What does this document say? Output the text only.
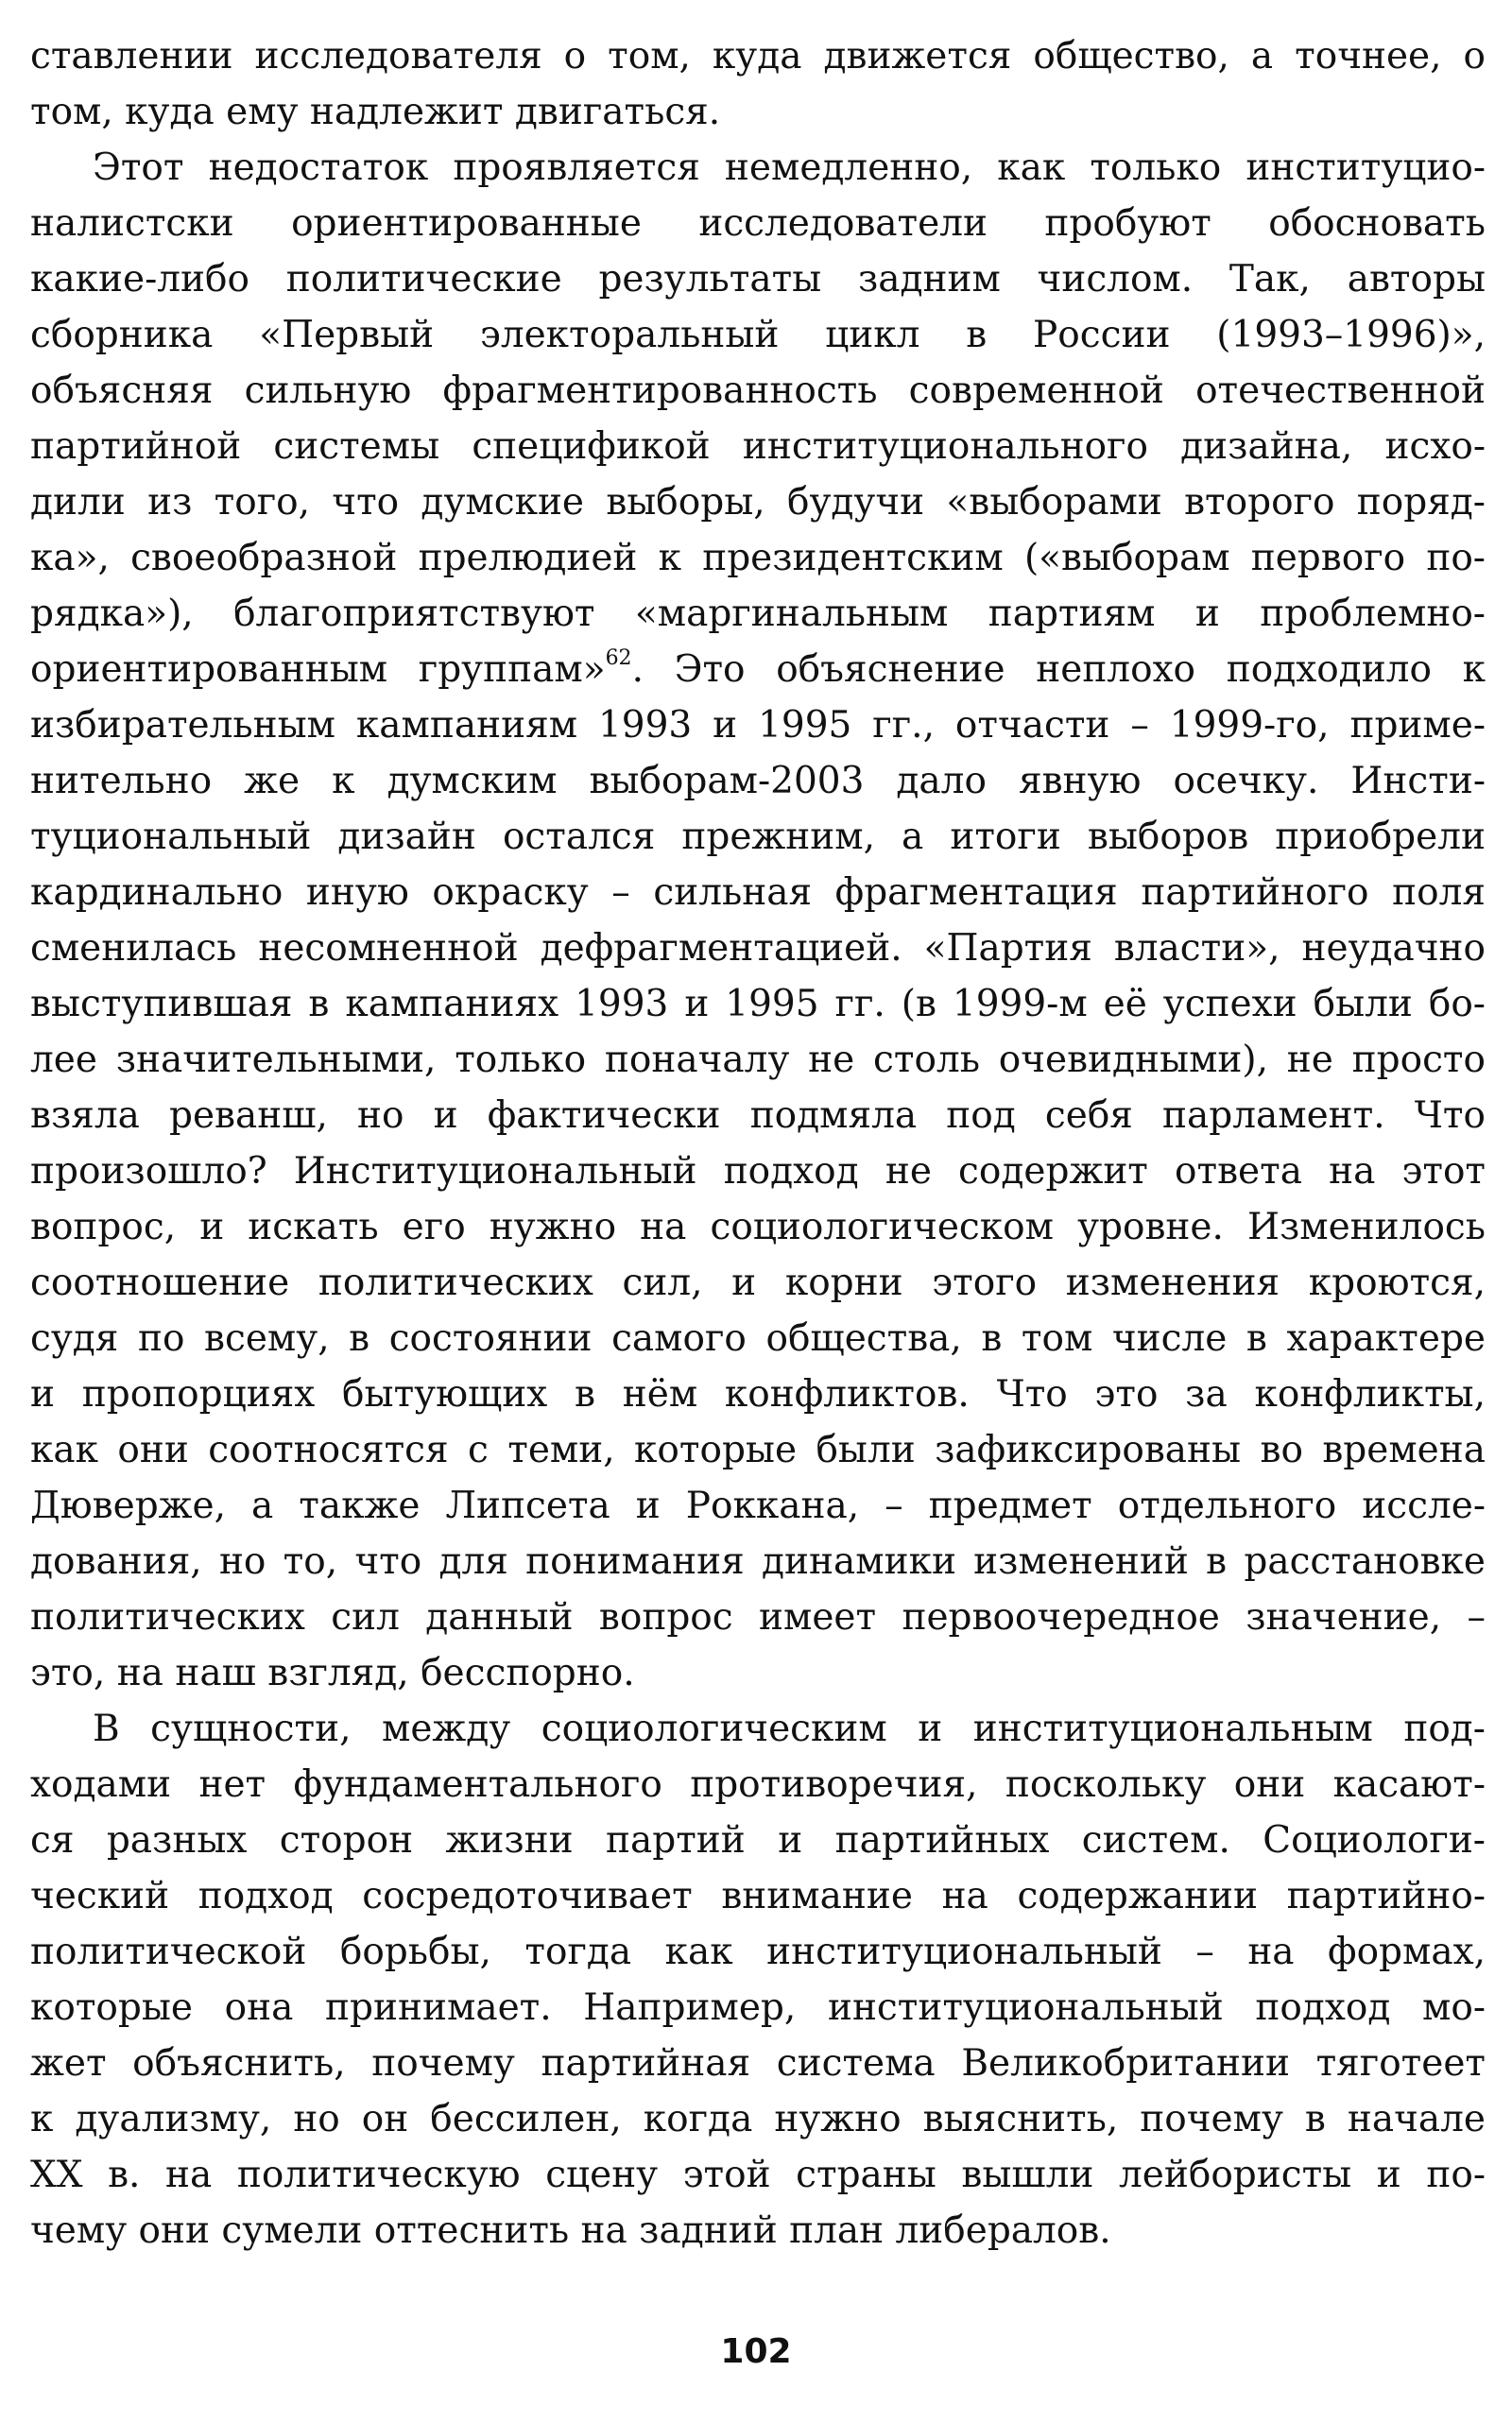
ставлении исследователя о том, куда движется общество, а точнее, о
том, куда ему надлежит двигаться.
Этот недостаток проявляется немедленно, как только институцио-
налистски ориентированные исследователи пробуют обосновать
какие-либо политические результаты задним числом. Так, авторы
сборника «Первый электоральный цикл в России (1993–1996)»,
объясняя сильную фрагментированность современной отечественной
партийной системы спецификой институционального дизайна, исхо-
дили из того, что думские выборы, будучи «выборами второго поряд-
ка», своеобразной прелюдией к президентским («выборам первого по-
рядка»), благоприятствуют «маргинальным партиям и проблемно-
ориентированным группам»$^{62}$. Это объяснение неплохо подходило к
избирательным кампаниям 1993 и 1995 гг., отчасти – 1999-го, приме-
нительно же к думским выборам-2003 дало явную осечку. Инсти-
туциональный дизайн остался прежним, а итоги выборов приобрели
кардинально иную окраску – сильная фрагментация партийного поля
сменилась несомненной дефрагментацией. «Партия власти», неудачно
выступившая в кампаниях 1993 и 1995 гг. (в 1999-м её успехи были бо-
лее значительными, только поначалу не столь очевидными), не просто
взяла реванш, но и фактически подмяла под себя парламент. Что
произошло? Институциональный подход не содержит ответа на этот
вопрос, и искать его нужно на социологическом уровне. Изменилось
соотношение политических сил, и корни этого изменения кроются,
судя по всему, в состоянии самого общества, в том числе в характере
и пропорциях бытующих в нём конфликтов. Что это за конфликты,
как они соотносятся с теми, которые были зафиксированы во времена
Дюверже, а также Липсета и Роккана, – предмет отдельного иссле-
дования, но то, что для понимания динамики изменений в расстановке
политических сил данный вопрос имеет первоочередное значение, –
это, на наш взгляд, бесспорно.
В сущности, между социологическим и институциональным под-
ходами нет фундаментального противоречия, поскольку они касают-
ся разных сторон жизни партий и партийных систем. Социологи-
ческий подход сосредоточивает внимание на содержании партийно-
политической борьбы, тогда как институциональный – на формах,
которые она принимает. Например, институциональный подход мо-
жет объяснить, почему партийная система Великобритании тяготеет
к дуализму, но он бессилен, когда нужно выяснить, почему в начале
XX в. на политическую сцену этой страны вышли лейбористы и по-
чему они сумели оттеснить на задний план либералов.
102
